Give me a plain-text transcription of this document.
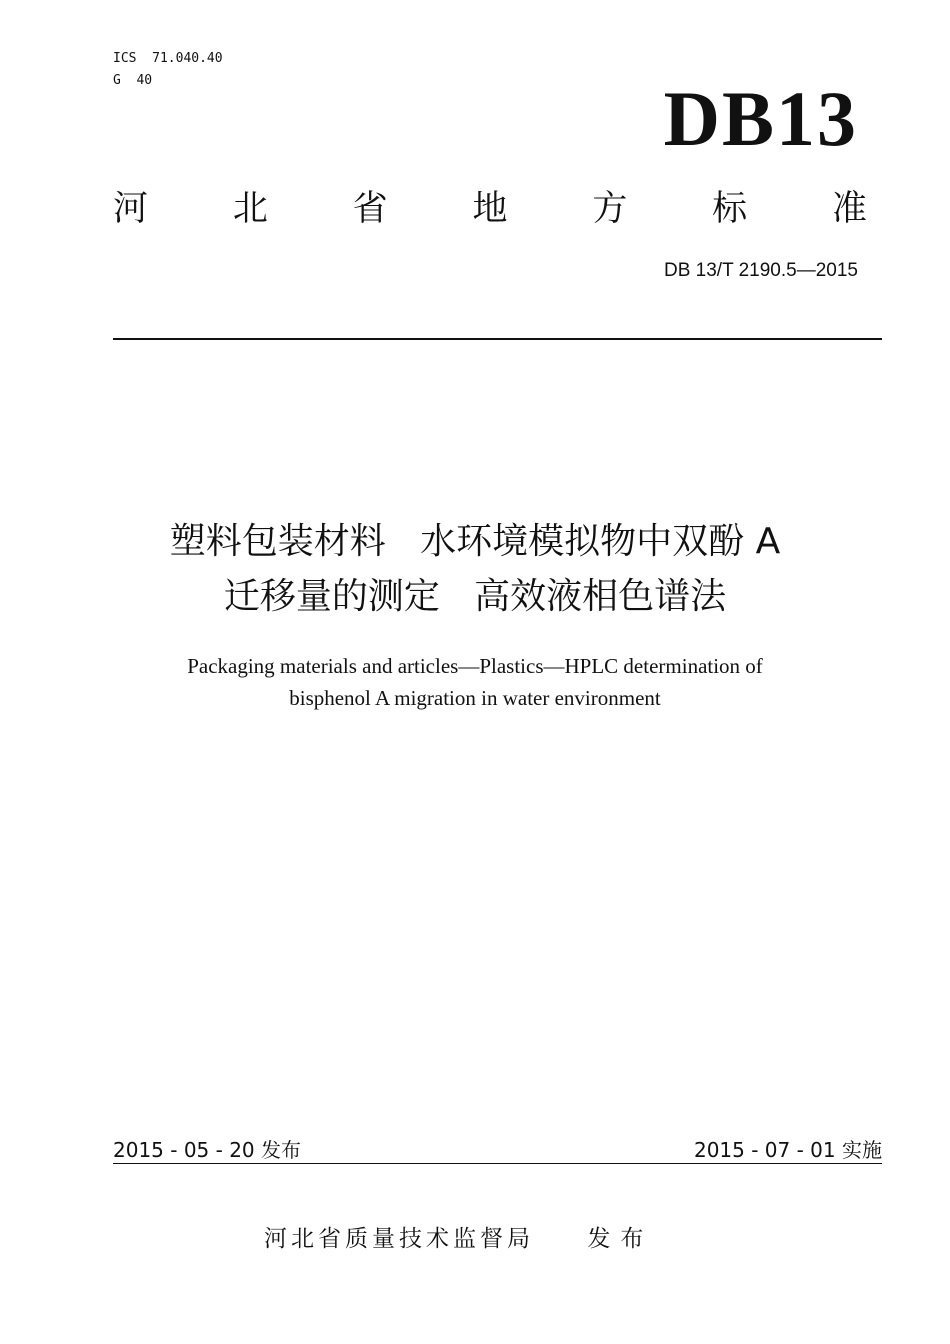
ICS  71.040.40
G  40	DB13
河 北 省 地 方 标 准
DB 13/T 2190.5—2015
塑料包装材料   水环境模拟物中双酚 A
迁移量的测定   高效液相色谱法
Packaging materials and articles—Plastics—HPLC determination of
bisphenol A migration in water environment
2015 - 05 - 20 发布	2015 - 07 - 01 实施
河北省质量技术监督局 发布
